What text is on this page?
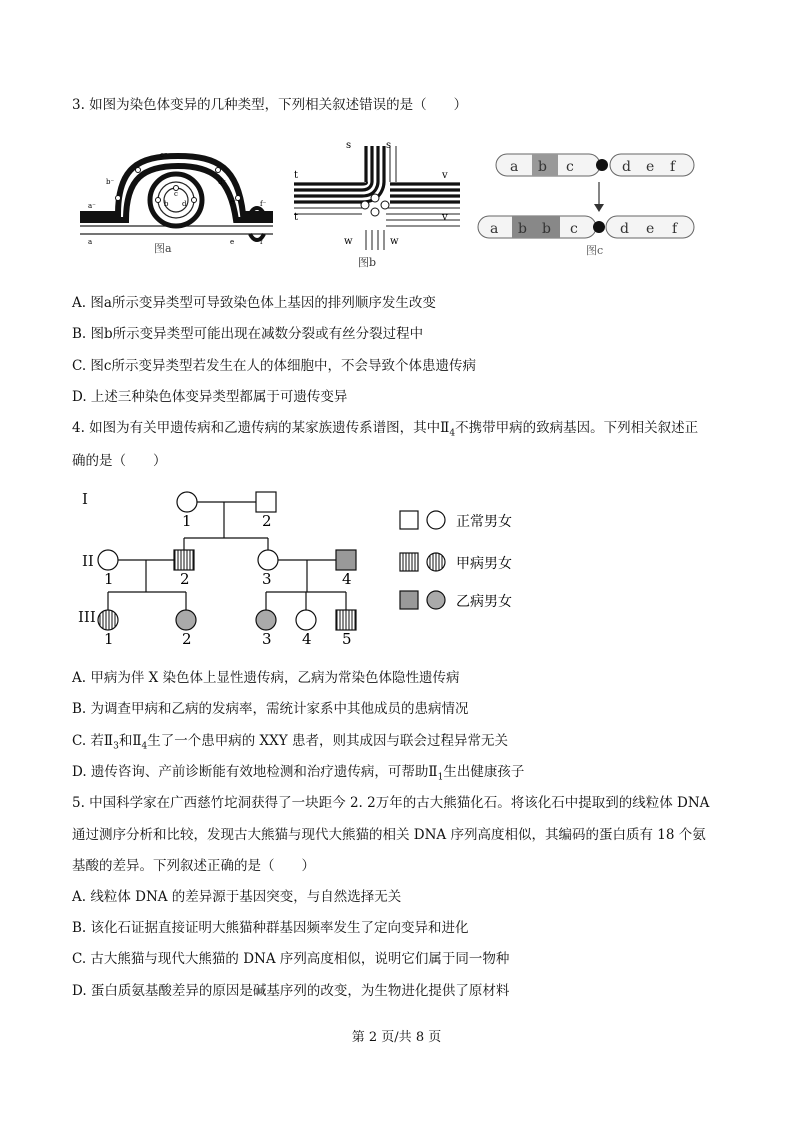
3. 如图为染色体变异的几种类型，下列相关叙述错误的是（　　）
a⁻
b⁻
c⁻
d⁻
e⁻	f⁻
a	e	f
b
c
d
图a
s	s
t
t
v
v
w	w
图b
a b c	d e f
a b b c	d e f
图c
A. 图a所示变异类型可导致染色体上基因的排列顺序发生改变
B. 图b所示变异类型可能出现在减数分裂或有丝分裂过程中
C. 图c所示变异类型若发生在人的体细胞中，不会导致个体患遗传病
D. 上述三种染色体变异类型都属于可遗传变异
4. 如图为有关甲遗传病和乙遗传病的某家族遗传系谱图，其中$Ⅱ_4$不携带甲病的致病基因。下列相关叙述正
确的是（　　）
I
II
III
1	2
1	2	3	4
1	2	3 4 5
正常男女
甲病男女
乙病男女
A. 甲病为伴 X 染色体上显性遗传病，乙病为常染色体隐性遗传病
B. 为调查甲病和乙病的发病率，需统计家系中其他成员的患病情况
C. 若$Ⅱ_3$和$Ⅱ_4$生了一个患甲病的 XXY 患者，则其成因与联会过程异常无关
D. 遗传咨询、产前诊断能有效地检测和治疗遗传病，可帮助$Ⅱ_1$生出健康孩子
5. 中国科学家在广西慈竹坨洞获得了一块距今 2. 2万年的古大熊猫化石。将该化石中提取到的线粒体 DNA
通过测序分析和比较，发现古大熊猫与现代大熊猫的相关 DNA 序列高度相似，其编码的蛋白质有 18 个氨
基酸的差异。下列叙述正确的是（　　）
A. 线粒体 DNA 的差异源于基因突变，与自然选择无关
B. 该化石证据直接证明大熊猫种群基因频率发生了定向变异和进化
C. 古大熊猫与现代大熊猫的 DNA 序列高度相似，说明它们属于同一物种
D. 蛋白质氨基酸差异的原因是碱基序列的改变，为生物进化提供了原材料
第 2 页/共 8 页
